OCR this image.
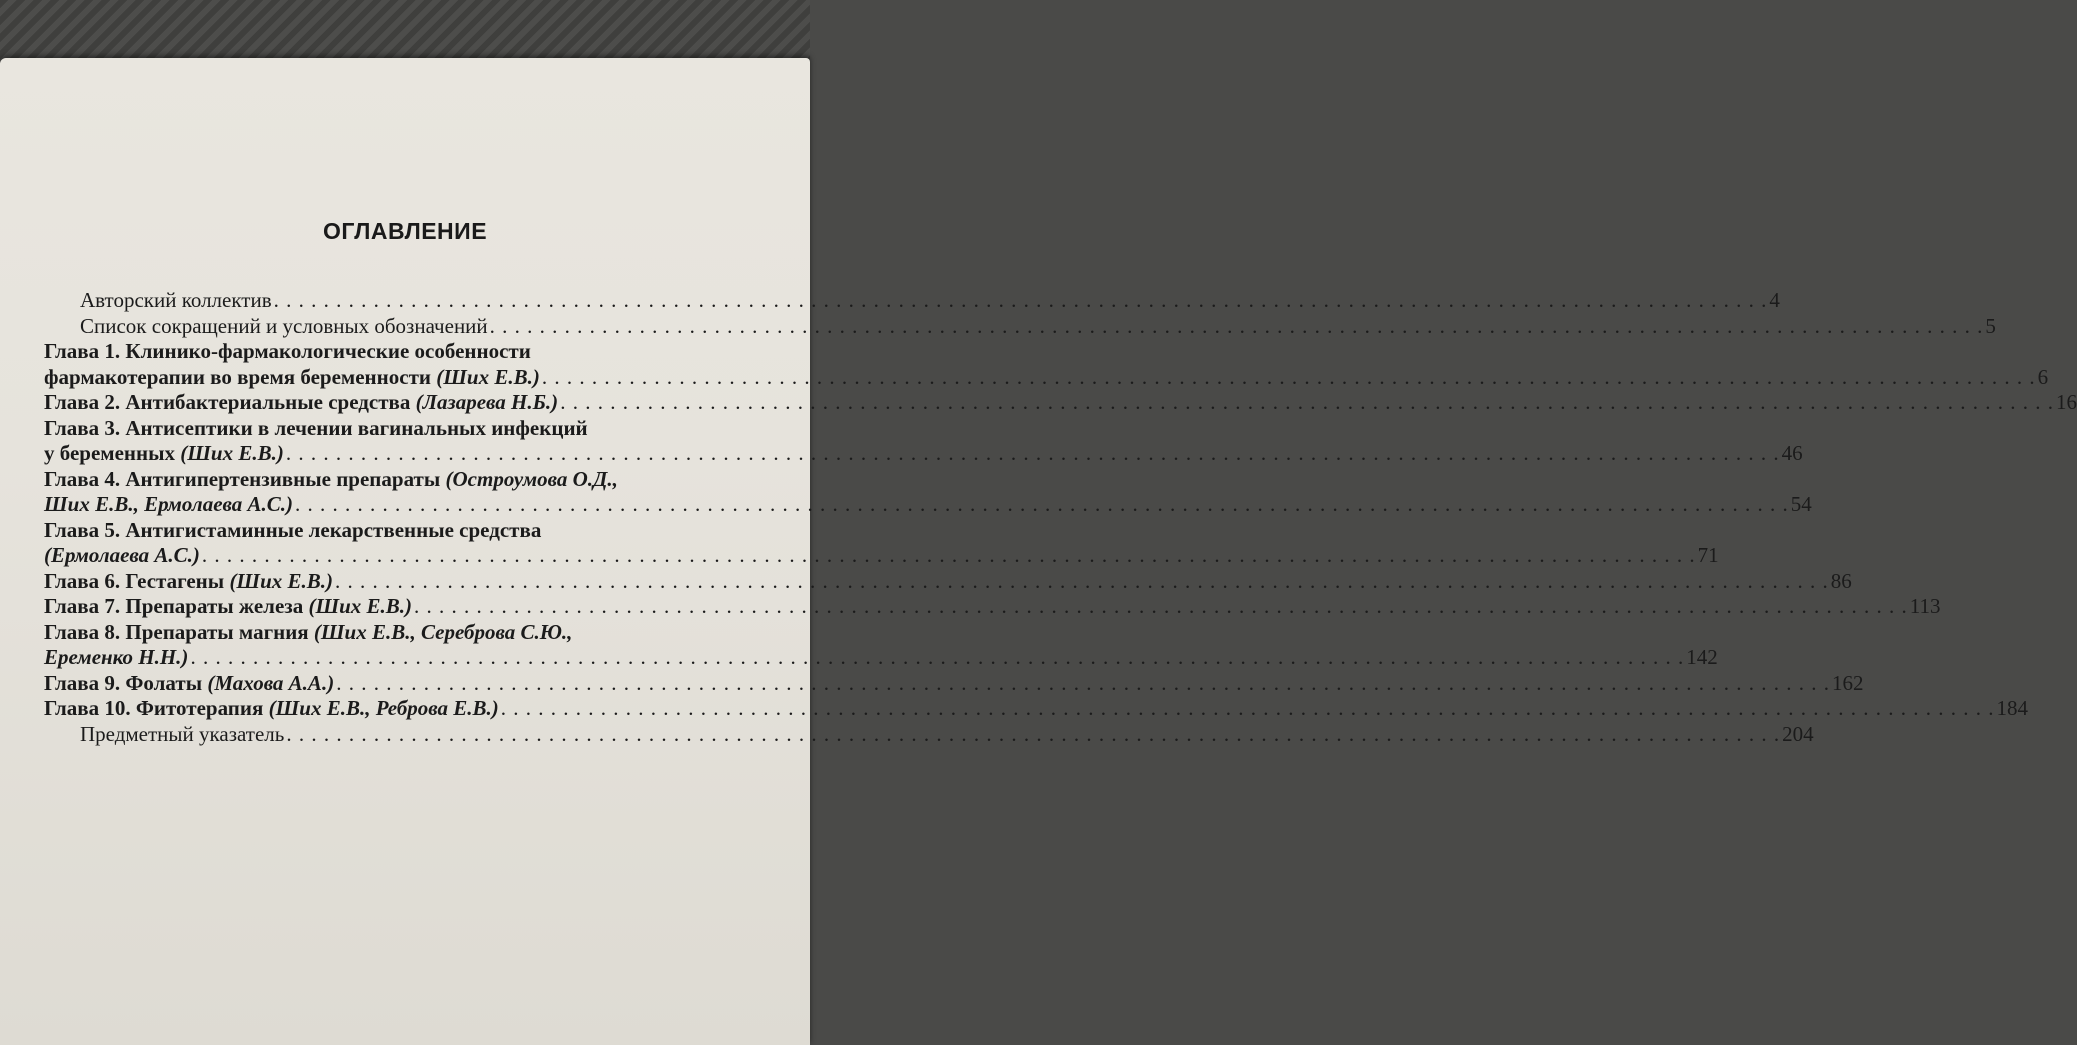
ОГЛАВЛЕНИЕ
Авторский коллектив . . . . . . . . . . . . . . . . . . . . . . . . . . . . . . . . . . . . . . . . . . . . . . . . . . . . . . . . . . . . . . . . . . . . . . . . . . . . . . . . . . . . . . . . . . . . . . . . . . . . . . . . . . . . . . . . . . . . . . . . 4
Список сокращений и условных обозначений . . . . . . . . . . . . . . . . . . . . . . . . . . . . . . . . . . . . . . . . . . . . . . . . . . . . . . . . . . . . . . . . . . . . . . . . . . . . . . . . . . . . . . . . . . . . . . . . . . . . . . . . . . . . . . . . . . . . . . . . 5
Глава 1. Клинико-фармакологические особенности
фармакотерапии во время беременности (Ших Е.В.) . . . . . . . . . . . . . . . . . . . . . . . . . . . . . . . . . . . . . . . . . . . . . . . . . . . . . . . . . . . . . . . . . . . . . . . . . . . . . . . . . . . . . . . . . . . . . . . . . . . . . . . . . . . . . . . . . . . . . . . . 6
Глава 2. Антибактериальные средства (Лазарева Н.Б.) . . . . . . . . . . . . . . . . . . . . . . . . . . . . . . . . . . . . . . . . . . . . . . . . . . . . . . . . . . . . . . . . . . . . . . . . . . . . . . . . . . . . . . . . . . . . . . . . . . . . . . . . . . . . . . . . . . . . . . . . 16
Глава 3. Антисептики в лечении вагинальных инфекций
у беременных (Ших Е.В.) . . . . . . . . . . . . . . . . . . . . . . . . . . . . . . . . . . . . . . . . . . . . . . . . . . . . . . . . . . . . . . . . . . . . . . . . . . . . . . . . . . . . . . . . . . . . . . . . . . . . . . . . . . . . . . . . . . . . . . . . 46
Глава 4. Антигипертензивные препараты (Остроумова О.Д.,
Ших Е.В., Ермолаева А.С.) . . . . . . . . . . . . . . . . . . . . . . . . . . . . . . . . . . . . . . . . . . . . . . . . . . . . . . . . . . . . . . . . . . . . . . . . . . . . . . . . . . . . . . . . . . . . . . . . . . . . . . . . . . . . . . . . . . . . . . . . 54
Глава 5. Антигистаминные лекарственные средства
(Ермолаева А.С.) . . . . . . . . . . . . . . . . . . . . . . . . . . . . . . . . . . . . . . . . . . . . . . . . . . . . . . . . . . . . . . . . . . . . . . . . . . . . . . . . . . . . . . . . . . . . . . . . . . . . . . . . . . . . . . . . . . . . . . . . 71
Глава 6. Гестагены (Ших Е.В.) . . . . . . . . . . . . . . . . . . . . . . . . . . . . . . . . . . . . . . . . . . . . . . . . . . . . . . . . . . . . . . . . . . . . . . . . . . . . . . . . . . . . . . . . . . . . . . . . . . . . . . . . . . . . . . . . . . . . . . . . 86
Глава 7. Препараты железа (Ших Е.В.) . . . . . . . . . . . . . . . . . . . . . . . . . . . . . . . . . . . . . . . . . . . . . . . . . . . . . . . . . . . . . . . . . . . . . . . . . . . . . . . . . . . . . . . . . . . . . . . . . . . . . . . . . . . . . . . . . . . . . . . . 113
Глава 8. Препараты магния (Ших Е.В., Сереброва С.Ю.,
Еременко Н.Н.) . . . . . . . . . . . . . . . . . . . . . . . . . . . . . . . . . . . . . . . . . . . . . . . . . . . . . . . . . . . . . . . . . . . . . . . . . . . . . . . . . . . . . . . . . . . . . . . . . . . . . . . . . . . . . . . . . . . . . . . . 142
Глава 9. Фолаты (Махова А.А.) . . . . . . . . . . . . . . . . . . . . . . . . . . . . . . . . . . . . . . . . . . . . . . . . . . . . . . . . . . . . . . . . . . . . . . . . . . . . . . . . . . . . . . . . . . . . . . . . . . . . . . . . . . . . . . . . . . . . . . . . 162
Глава 10. Фитотерапия (Ших Е.В., Реброва Е.В.) . . . . . . . . . . . . . . . . . . . . . . . . . . . . . . . . . . . . . . . . . . . . . . . . . . . . . . . . . . . . . . . . . . . . . . . . . . . . . . . . . . . . . . . . . . . . . . . . . . . . . . . . . . . . . . . . . . . . . . . . 184
Предметный указатель . . . . . . . . . . . . . . . . . . . . . . . . . . . . . . . . . . . . . . . . . . . . . . . . . . . . . . . . . . . . . . . . . . . . . . . . . . . . . . . . . . . . . . . . . . . . . . . . . . . . . . . . . . . . . . . . . . . . . . . . 204
